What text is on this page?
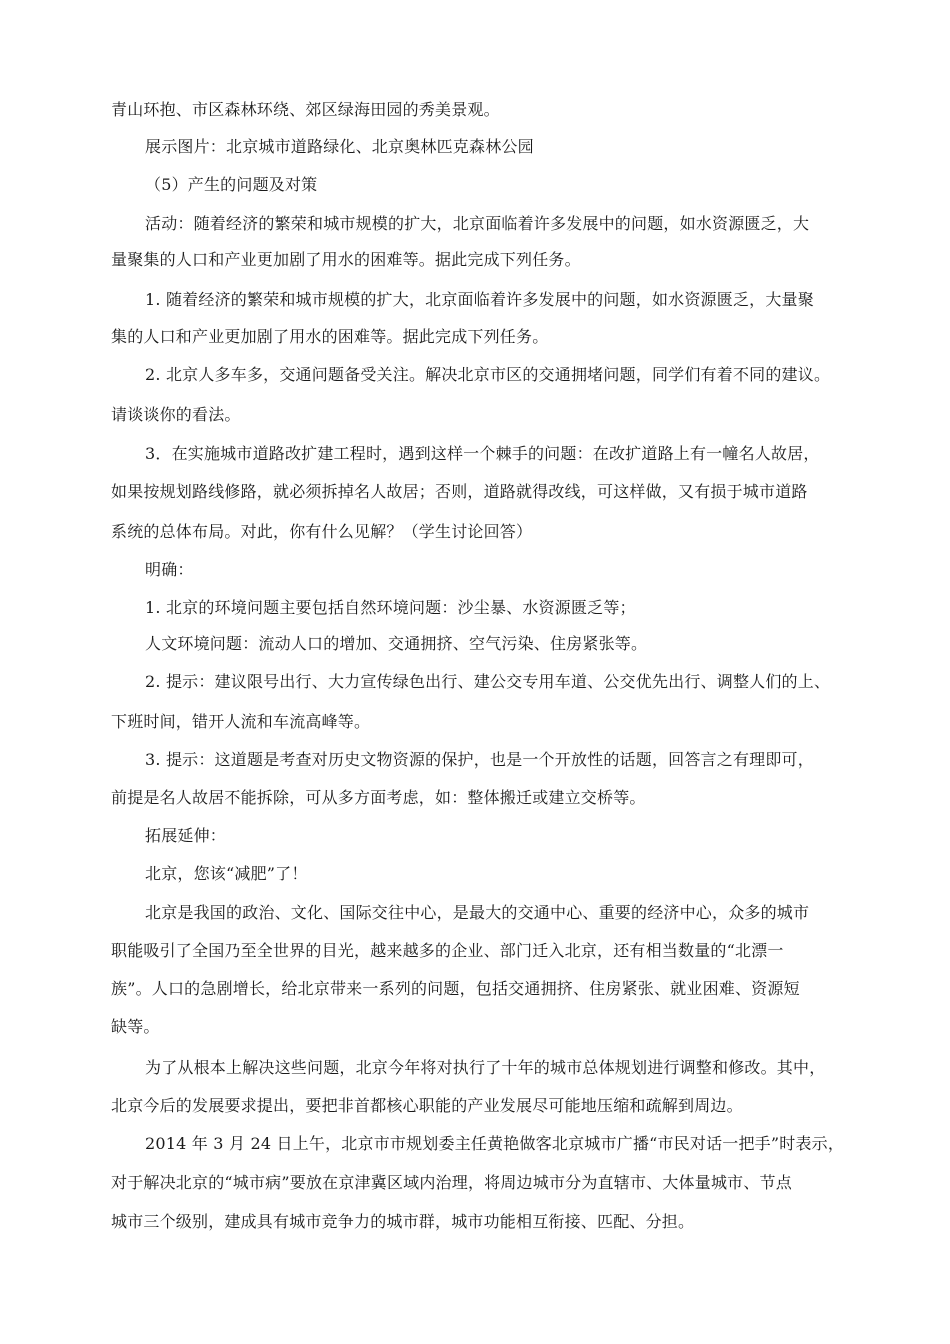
青山环抱、市区森林环绕、郊区绿海田园的秀美景观。
展示图片：北京城市道路绿化、北京奥林匹克森林公园
（5）产生的问题及对策
活动：随着经济的繁荣和城市规模的扩大，北京面临着许多发展中的问题，如水资源匮乏，大
量聚集的人口和产业更加剧了用水的困难等。据此完成下列任务。
1. 随着经济的繁荣和城市规模的扩大，北京面临着许多发展中的问题，如水资源匮乏，大量聚
集的人口和产业更加剧了用水的困难等。据此完成下列任务。
2. 北京人多车多，交通问题备受关注。解决北京市区的交通拥堵问题，同学们有着不同的建议。
请谈谈你的看法。
3．在实施城市道路改扩建工程时，遇到这样一个棘手的问题：在改扩道路上有一幢名人故居，
如果按规划路线修路，就必须拆掉名人故居；否则，道路就得改线，可这样做，又有损于城市道路
系统的总体布局。对此，你有什么见解？（学生讨论回答）
明确：
1. 北京的环境问题主要包括自然环境问题：沙尘暴、水资源匮乏等；
人文环境问题：流动人口的增加、交通拥挤、空气污染、住房紧张等。
2. 提示：建议限号出行、大力宣传绿色出行、建公交专用车道、公交优先出行、调整人们的上、
下班时间，错开人流和车流高峰等。
3. 提示：这道题是考查对历史文物资源的保护，也是一个开放性的话题，回答言之有理即可，
前提是名人故居不能拆除，可从多方面考虑，如：整体搬迁或建立交桥等。
拓展延伸：
北京，您该“减肥”了！
北京是我国的政治、文化、国际交往中心，是最大的交通中心、重要的经济中心，众多的城市
职能吸引了全国乃至全世界的目光，越来越多的企业、部门迁入北京，还有相当数量的“北漂一
族”。人口的急剧增长，给北京带来一系列的问题，包括交通拥挤、住房紧张、就业困难、资源短
缺等。
为了从根本上解决这些问题，北京今年将对执行了十年的城市总体规划进行调整和修改。其中，
北京今后的发展要求提出，要把非首都核心职能的产业发展尽可能地压缩和疏解到周边。
2014 年 3 月 24 日上午，北京市市规划委主任黄艳做客北京城市广播“市民对话一把手”时表示，
对于解决北京的“城市病”要放在京津冀区域内治理，将周边城市分为直辖市、大体量城市、节点
城市三个级别，建成具有城市竞争力的城市群，城市功能相互衔接、匹配、分担。
